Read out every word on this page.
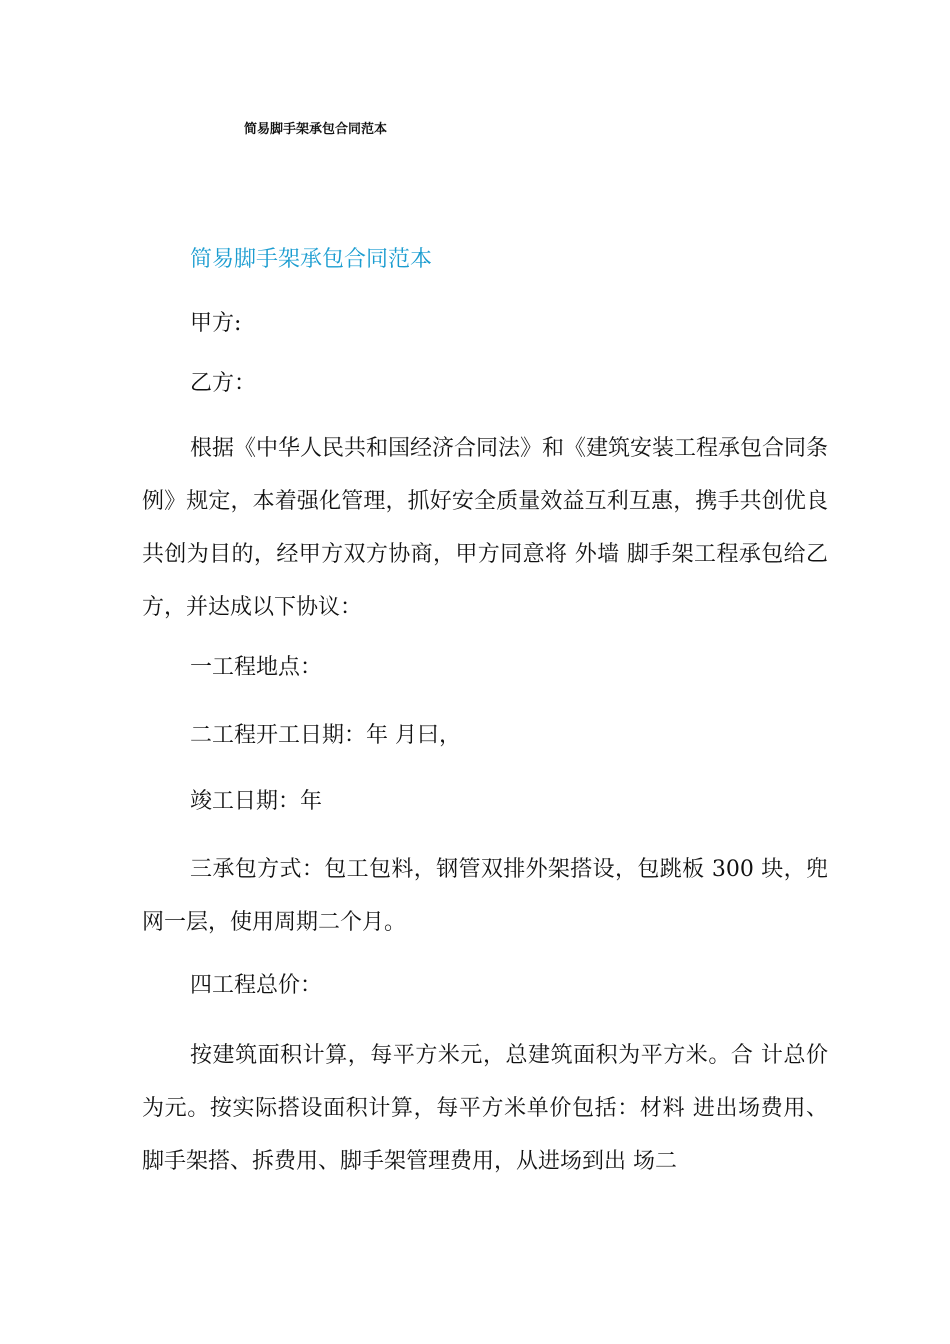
简易脚手架承包合同范本
简易脚手架承包合同范本
甲方:
乙方：
根据《中华人民共和国经济合同法》和《建筑安装工程承包合同条例》规定，本着强化管理，抓好安全质量效益互利互惠，携手共创优良共创为目的，经甲方双方协商，甲方同意将 外墙 脚手架工程承包给乙方，并达成以下协议：
一工程地点：
二工程开工日期：年 月曰，
竣工日期：年
三承包方式：包工包料，钢管双排外架搭设，包跳板 300 块，兜网一层，使用周期二个月。
四工程总价：
按建筑面积计算，每平方米元，总建筑面积为平方米。合 计总价为元。按实际搭设面积计算，每平方米单价包括：材料 进出场费用、脚手架搭、拆费用、脚手架管理费用，从进场到出 场二
